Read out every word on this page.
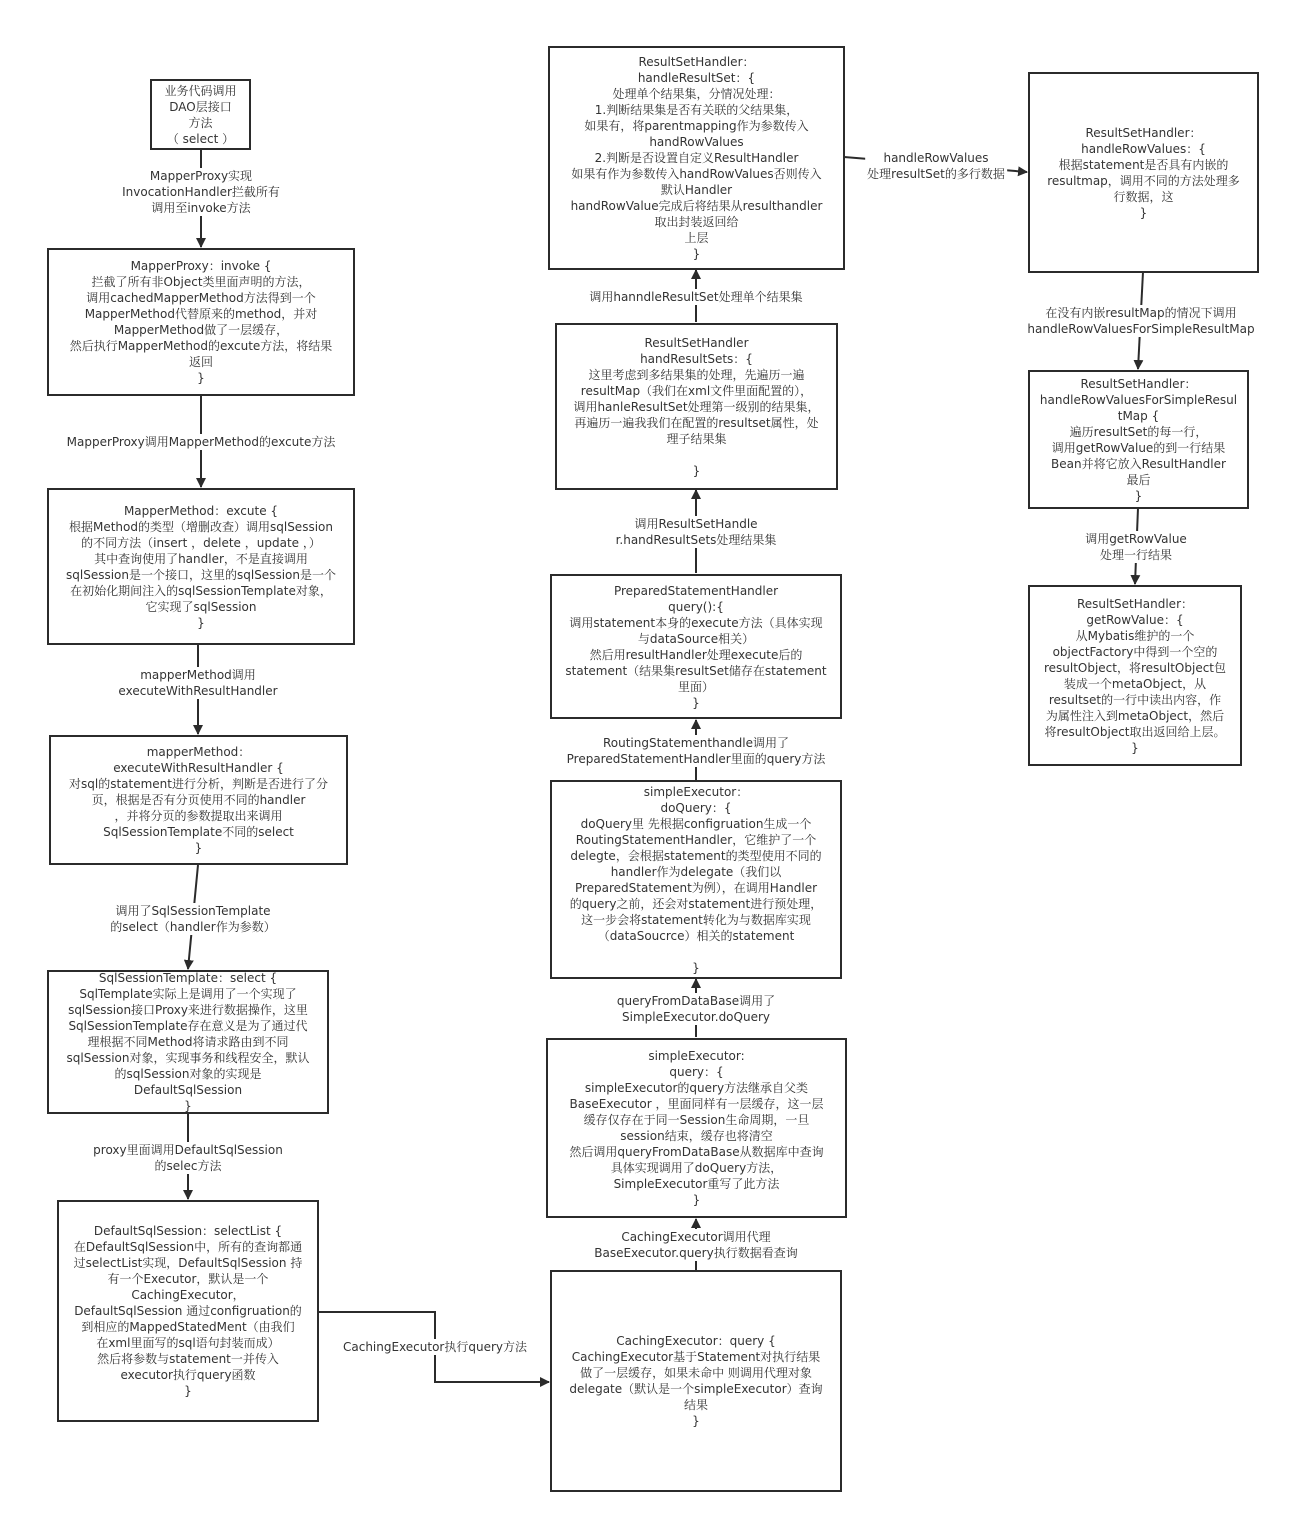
业务代码调用
DAO层接口
方法
（ select ）
MapperProxy：invoke {
拦截了所有非Object类里面声明的方法，
调用cachedMapperMethod方法得到一个
MapperMethod代替原来的method，并对
MapperMethod做了一层缓存，
然后执行MapperMethod的excute方法，将结果
返回
}
MapperMethod：excute {
根据Method的类型（增删改查）调用sqlSession
的不同方法（insert ，delete ，update ，）
其中查询使用了handler，不是直接调用
sqlSession是一个接口，这里的sqlSession是一个
在初始化期间注入的sqlSessionTemplate对象，
它实现了sqlSession
}
mapperMethod：
executeWithResultHandler {
对sql的statement进行分析，判断是否进行了分
页，根据是否有分页使用不同的handler
，并将分页的参数提取出来调用
SqlSessionTemplate不同的select
}
SqlSessionTemplate：select {
SqlTemplate实际上是调用了一个实现了
sqlSession接口Proxy来进行数据操作，这里
SqlSessionTemplate存在意义是为了通过代
理根据不同Method将请求路由到不同
sqlSession对象，实现事务和线程安全，默认
的sqlSession对象的实现是
DefaultSqlSession
}
DefaultSqlSession：selectList {
在DefaultSqlSession中，所有的查询都通
过selectList实现，DefaultSqlSession 持
有一个Executor，默认是一个
CachingExecutor，
DefaultSqlSession 通过configruation的
到相应的MappedStatedMent（由我们
在xml里面写的sql语句封装而成）
然后将参数与statement一并传入
executor执行query函数
}
CachingExecutor：query {
CachingExecutor基于Statement对执行结果
做了一层缓存，如果未命中 则调用代理对象
delegate（默认是一个simpleExecutor）查询
结果
}
simpleExecutor:
query：{
simpleExecutor的query方法继承自父类
BaseExecutor ，里面同样有一层缓存，这一层
缓存仅存在于同一Session生命周期，一旦
session结束，缓存也将清空
然后调用queryFromDataBase从数据库中查询
具体实现调用了doQuery方法，
SimpleExecutor重写了此方法
}
simpleExecutor：
doQuery：{
doQuery里 先根据configruation生成一个
RoutingStatementHandler，它维护了一个
delegte，会根据statement的类型使用不同的
handler作为delegate（我们以
PreparedStatement为例），在调用Handler
的query之前，还会对statement进行预处理，
这一步会将statement转化为与数据库实现
（dataSoucrce）相关的statement

}
PreparedStatementHandler
query():{
调用statement本身的execute方法（具体实现
与dataSource相关）
然后用resultHandler处理execute后的
statement（结果集resultSet储存在statement
里面）
}
ResultSetHandler
handResultSets：{
这里考虑到多结果集的处理，先遍历一遍
resultMap（我们在xml文件里面配置的），
调用hanleResultSet处理第一级别的结果集，
再遍历一遍我我们在配置的resultset属性，处
理子结果集

}
ResultSetHandler：
handleResultSet：{
处理单个结果集，分情况处理：
1.判断结果集是否有关联的父结果集，
如果有，将parentmapping作为参数传入
handRowValues
2.判断是否设置自定义ResultHandler
如果有作为参数传入handRowValues否则传入
默认Handler
handRowValue完成后将结果从resulthandler
取出封装返回给
上层
}
ResultSetHandler：
handleRowValues：{
根据statement是否具有内嵌的
resultmap，调用不同的方法处理多
行数据，这
}
ResultSetHandler：
handleRowValuesForSimpleResul
tMap {
遍历resultSet的每一行，
调用getRowValue的到一行结果
Bean并将它放入ResultHandler
最后
}
ResultSetHandler：
getRowValue：{
从Mybatis维护的一个
objectFactory中得到一个空的
resultObject，将resultObject包
装成一个metaObject，从
resultset的一行中读出内容，作
为属性注入到metaObject，然后
将resultObject取出返回给上层。
}
MapperProxy实现
InvocationHandler拦截所有
调用至invoke方法
MapperProxy调用MapperMethod的excute方法
mapperMethod调用
executeWithResultHandler
调用了SqlSessionTemplate
的select（handler作为参数）
proxy里面调用DefaultSqlSession
的selec方法
CachingExecutor执行query方法
CachingExecutor调用代理
BaseExecutor.query执行数据看查询
queryFromDataBase调用了
SimpleExecutor.doQuery
RoutingStatementhandle调用了
PreparedStatementHandler里面的query方法
调用ResultSetHandle
r.handResultSets处理结果集
调用hanndleResultSet处理单个结果集
handleRowValues
处理resultSet的多行数据
在没有内嵌resultMap的情况下调用
handleRowValuesForSimpleResultMap
调用getRowValue
处理一行结果
